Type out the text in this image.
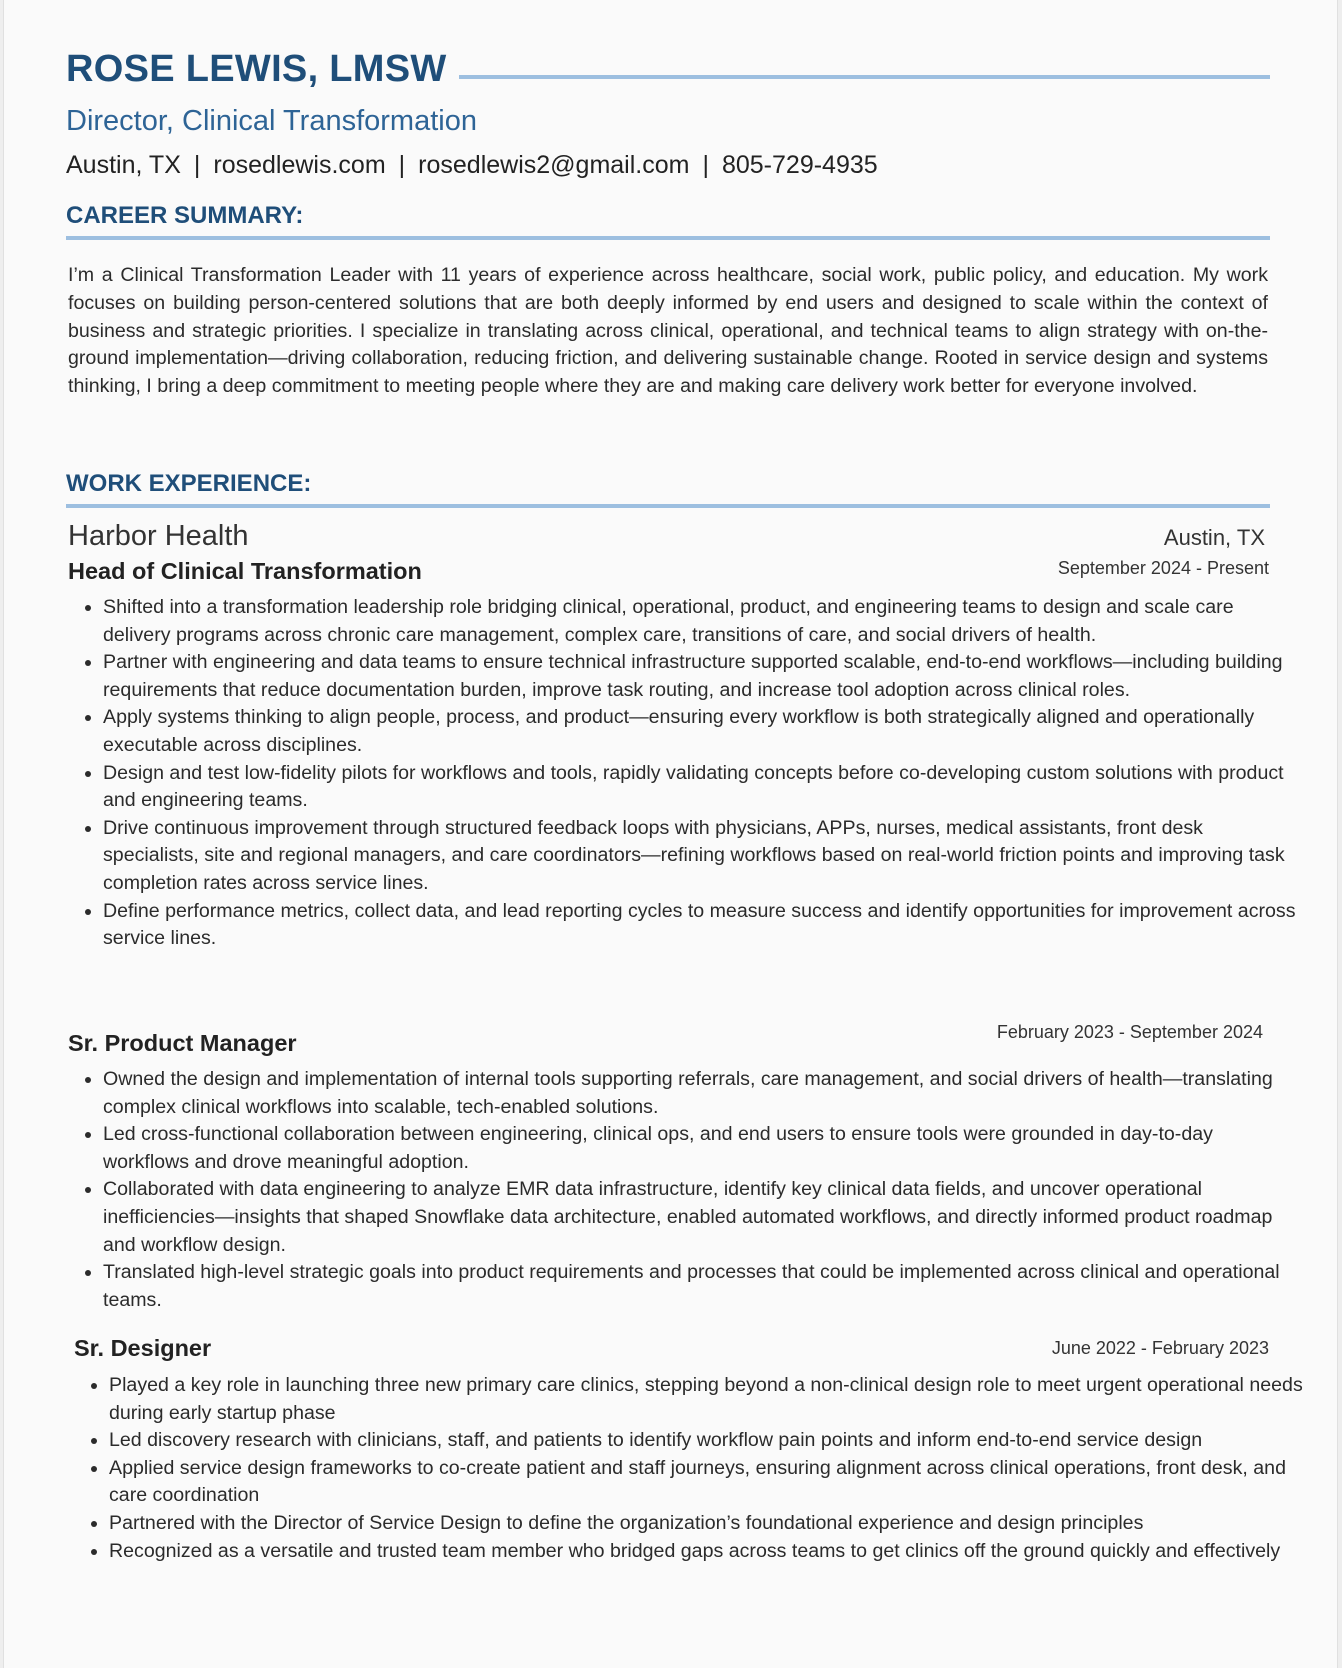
ROSE LEWIS, LMSW
Director, Clinical Transformation
Austin, TX | rosedlewis.com | rosedlewis2@gmail.com | 805-729-4935
CAREER SUMMARY:
I’m a Clinical Transformation Leader with 11 years of experience across healthcare, social work, public policy, and education. My work focuses on building person-centered solutions that are both deeply informed by end users and designed to scale within the context of business and strategic priorities. I specialize in translating across clinical, operational, and technical teams to align strategy with on-the-ground implementation—driving collaboration, reducing friction, and delivering sustainable change. Rooted in service design and systems thinking, I bring a deep commitment to meeting people where they are and making care delivery work better for everyone involved.
WORK EXPERIENCE:
Harbor Health	Austin, TX
Head of Clinical Transformation	September 2024 - Present
• Shifted into a transformation leadership role bridging clinical, operational, product, and engineering teams to design and scale care delivery programs across chronic care management, complex care, transitions of care, and social drivers of health.
• Partner with engineering and data teams to ensure technical infrastructure supported scalable, end-to-end workflows—including building requirements that reduce documentation burden, improve task routing, and increase tool adoption across clinical roles.
• Apply systems thinking to align people, process, and product—ensuring every workflow is both strategically aligned and operationally executable across disciplines.
• Design and test low-fidelity pilots for workflows and tools, rapidly validating concepts before co-developing custom solutions with product and engineering teams.
• Drive continuous improvement through structured feedback loops with physicians, APPs, nurses, medical assistants, front desk specialists, site and regional managers, and care coordinators—refining workflows based on real-world friction points and improving task completion rates across service lines.
• Define performance metrics, collect data, and lead reporting cycles to measure success and identify opportunities for improvement across service lines.
Sr. Product Manager	February 2023 - September 2024
• Owned the design and implementation of internal tools supporting referrals, care management, and social drivers of health—translating complex clinical workflows into scalable, tech-enabled solutions.
• Led cross-functional collaboration between engineering, clinical ops, and end users to ensure tools were grounded in day-to-day workflows and drove meaningful adoption.
• Collaborated with data engineering to analyze EMR data infrastructure, identify key clinical data fields, and uncover operational inefficiencies—insights that shaped Snowflake data architecture, enabled automated workflows, and directly informed product roadmap and workflow design.
• Translated high-level strategic goals into product requirements and processes that could be implemented across clinical and operational teams.
Sr. Designer	June 2022 - February 2023
• Played a key role in launching three new primary care clinics, stepping beyond a non-clinical design role to meet urgent operational needs during early startup phase
• Led discovery research with clinicians, staff, and patients to identify workflow pain points and inform end-to-end service design
• Applied service design frameworks to co-create patient and staff journeys, ensuring alignment across clinical operations, front desk, and care coordination
• Partnered with the Director of Service Design to define the organization’s foundational experience and design principles
• Recognized as a versatile and trusted team member who bridged gaps across teams to get clinics off the ground quickly and effectively
